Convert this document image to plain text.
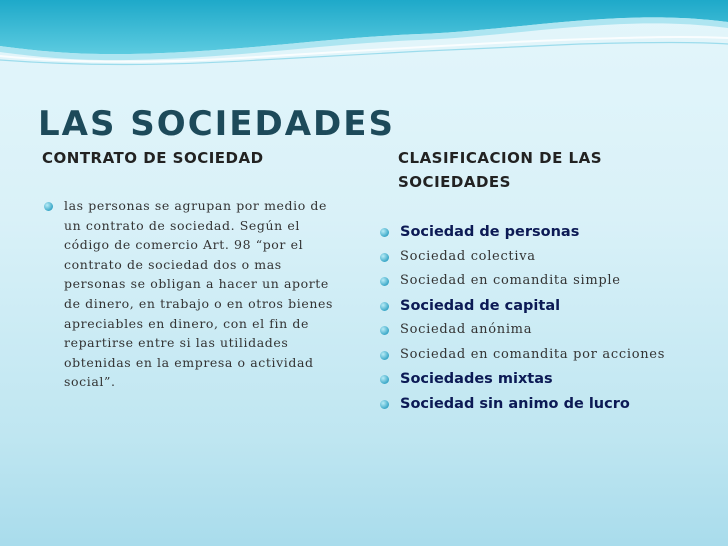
LAS SOCIEDADES
CONTRATO DE SOCIEDAD	CLASIFICACION DE LAS SOCIEDADES
las personas se agrupan por medio de un contrato de sociedad. Según el código de comercio Art. 98 “por el contrato de sociedad dos o mas personas se obligan a hacer un aporte de dinero, en trabajo o en otros bienes apreciables en dinero, con el fin de repartirse entre si las utilidades obtenidas en la empresa o actividad social”.
Sociedad de personas
Sociedad colectiva
Sociedad en comandita simple
Sociedad de capital
Sociedad anónima
Sociedad en comandita por acciones
Sociedades mixtas
Sociedad sin animo de lucro
